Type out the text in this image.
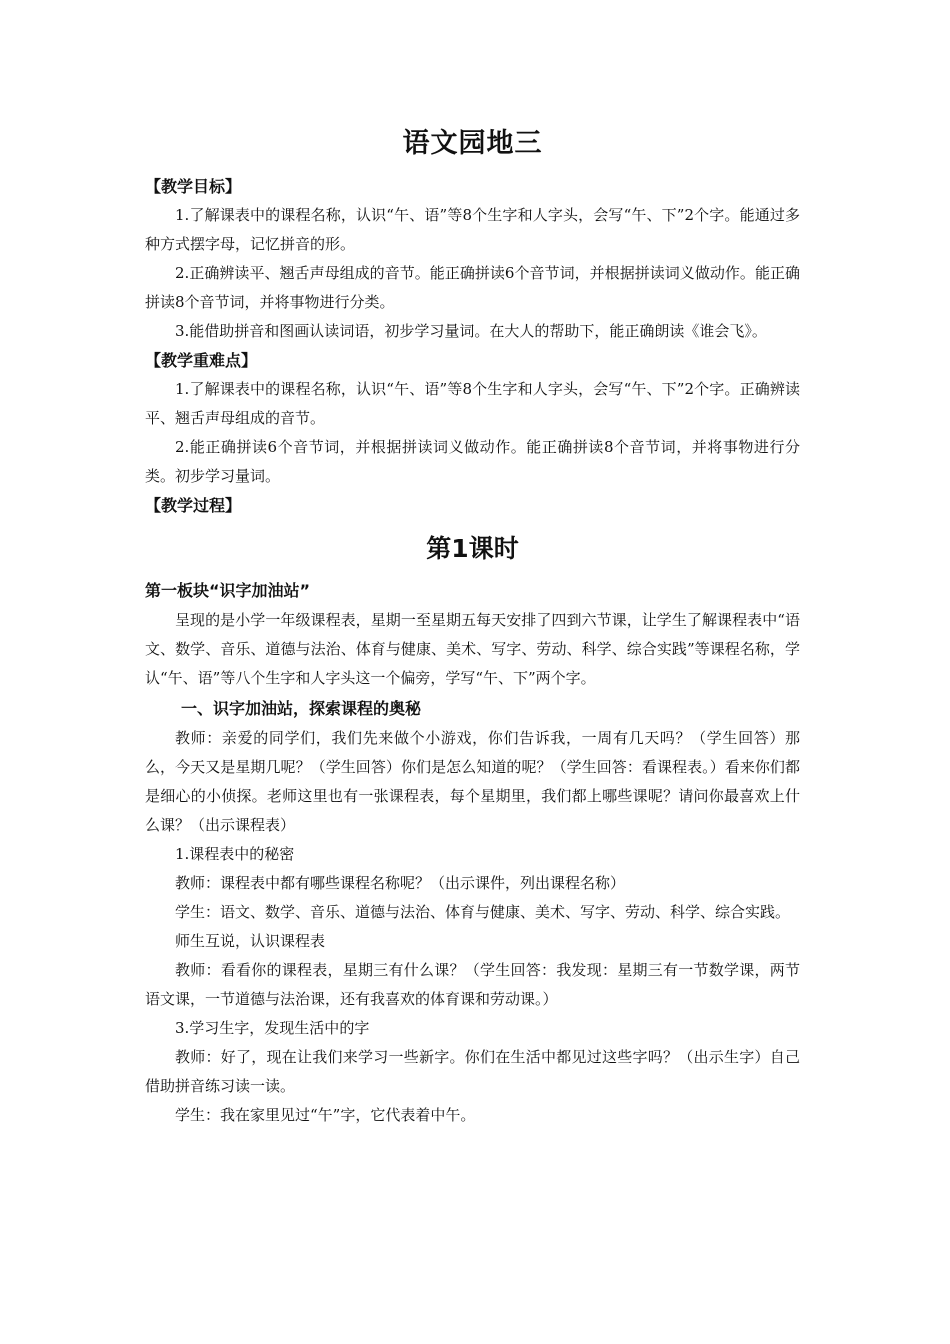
语文园地三
【教学目标】

1.了解课表中的课程名称，认识“午、语”等8个生字和人字头，会写“午、下”2个字。能通过多种方式摆字母，记忆拼音的形。

2.正确辨读平、翘舌声母组成的音节。能正确拼读6个音节词，并根据拼读词义做动作。能正确拼读8个音节词，并将事物进行分类。

3.能借助拼音和图画认读词语，初步学习量词。在大人的帮助下，能正确朗读《谁会飞》。

【教学重难点】

1.了解课表中的课程名称，认识“午、语”等8个生字和人字头，会写“午、下”2个字。正确辨读平、翘舌声母组成的音节。

2.能正确拼读6个音节词，并根据拼读词义做动作。能正确拼读8个音节词，并将事物进行分类。初步学习量词。

【教学过程】
第1课时
第一板块“识字加油站”

呈现的是小学一年级课程表，星期一至星期五每天安排了四到六节课，让学生了解课程表中“语文、数学、音乐、道德与法治、体育与健康、美术、写字、劳动、科学、综合实践”等课程名称，学认“午、语”等八个生字和人字头这一个偏旁，学写“午、下”两个字。

一、识字加油站，探索课程的奥秘

教师：亲爱的同学们，我们先来做个小游戏，你们告诉我，一周有几天吗？（学生回答）那么，今天又是星期几呢？（学生回答）你们是怎么知道的呢？（学生回答：看课程表。）看来你们都是细心的小侦探。老师这里也有一张课程表，每个星期里，我们都上哪些课呢？请问你最喜欢上什么课？（出示课程表）

1.课程表中的秘密

教师：课程表中都有哪些课程名称呢？（出示课件，列出课程名称）

学生：语文、数学、音乐、道德与法治、体育与健康、美术、写字、劳动、科学、综合实践。

师生互说，认识课程表

教师：看看你的课程表，星期三有什么课？（学生回答：我发现：星期三有一节数学课，两节语文课，一节道德与法治课，还有我喜欢的体育课和劳动课。）

3.学习生字，发现生活中的字

教师：好了，现在让我们来学习一些新字。你们在生活中都见过这些字吗？（出示生字）自己借助拼音练习读一读。

学生：我在家里见过“午”字，它代表着中午。
